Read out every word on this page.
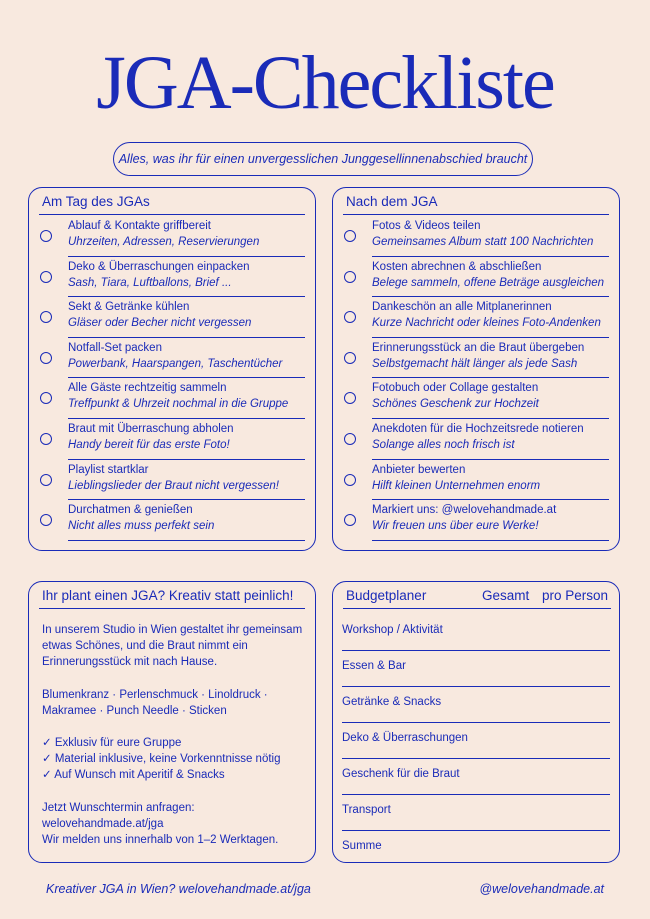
JGA-Checkliste
Alles, was ihr für einen unvergesslichen Junggesellinnenabschied braucht
Am Tag des JGAs
Ablauf & Kontakte griffbereit
Uhrzeiten, Adressen, Reservierungen
Deko & Überraschungen einpacken
Sash, Tiara, Luftballons, Brief ...
Sekt & Getränke kühlen
Gläser oder Becher nicht vergessen
Notfall-Set packen
Powerbank, Haarspangen, Taschentücher
Alle Gäste rechtzeitig sammeln
Treffpunkt & Uhrzeit nochmal in die Gruppe
Braut mit Überraschung abholen
Handy bereit für das erste Foto!
Playlist startklar
Lieblingslieder der Braut nicht vergessen!
Durchatmen & genießen
Nicht alles muss perfekt sein
Nach dem JGA
Fotos & Videos teilen
Gemeinsames Album statt 100 Nachrichten
Kosten abrechnen & abschließen
Belege sammeln, offene Beträge ausgleichen
Dankeschön an alle Mitplanerinnen
Kurze Nachricht oder kleines Foto-Andenken
Erinnerungsstück an die Braut übergeben
Selbstgemacht hält länger als jede Sash
Fotobuch oder Collage gestalten
Schönes Geschenk zur Hochzeit
Anekdoten für die Hochzeitsrede notieren
Solange alles noch frisch ist
Anbieter bewerten
Hilft kleinen Unternehmen enorm
Markiert uns: @welovehandmade.at
Wir freuen uns über eure Werke!
Ihr plant einen JGA? Kreativ statt peinlich!

In unserem Studio in Wien gestaltet ihr gemeinsam etwas Schönes, und die Braut nimmt ein Erinnerungsstück mit nach Hause.

Blumenkranz · Perlenschmuck · Linoldruck · Makramee · Punch Needle · Sticken

✓ Exklusiv für eure Gruppe
✓ Material inklusive, keine Vorkenntnisse nötig
✓ Auf Wunsch mit Aperitif & Snacks

Jetzt Wunschtermin anfragen:
welovehandmade.at/jga
Wir melden uns innerhalb von 1–2 Werktagen.

Budgetplaner	Gesamt pro Person
Workshop / Aktivität
Essen & Bar
Getränke & Snacks
Deko & Überraschungen
Geschenk für die Braut
Transport
Summe
Kreativer JGA in Wien? welovehandmade.at/jga	@welovehandmade.at
